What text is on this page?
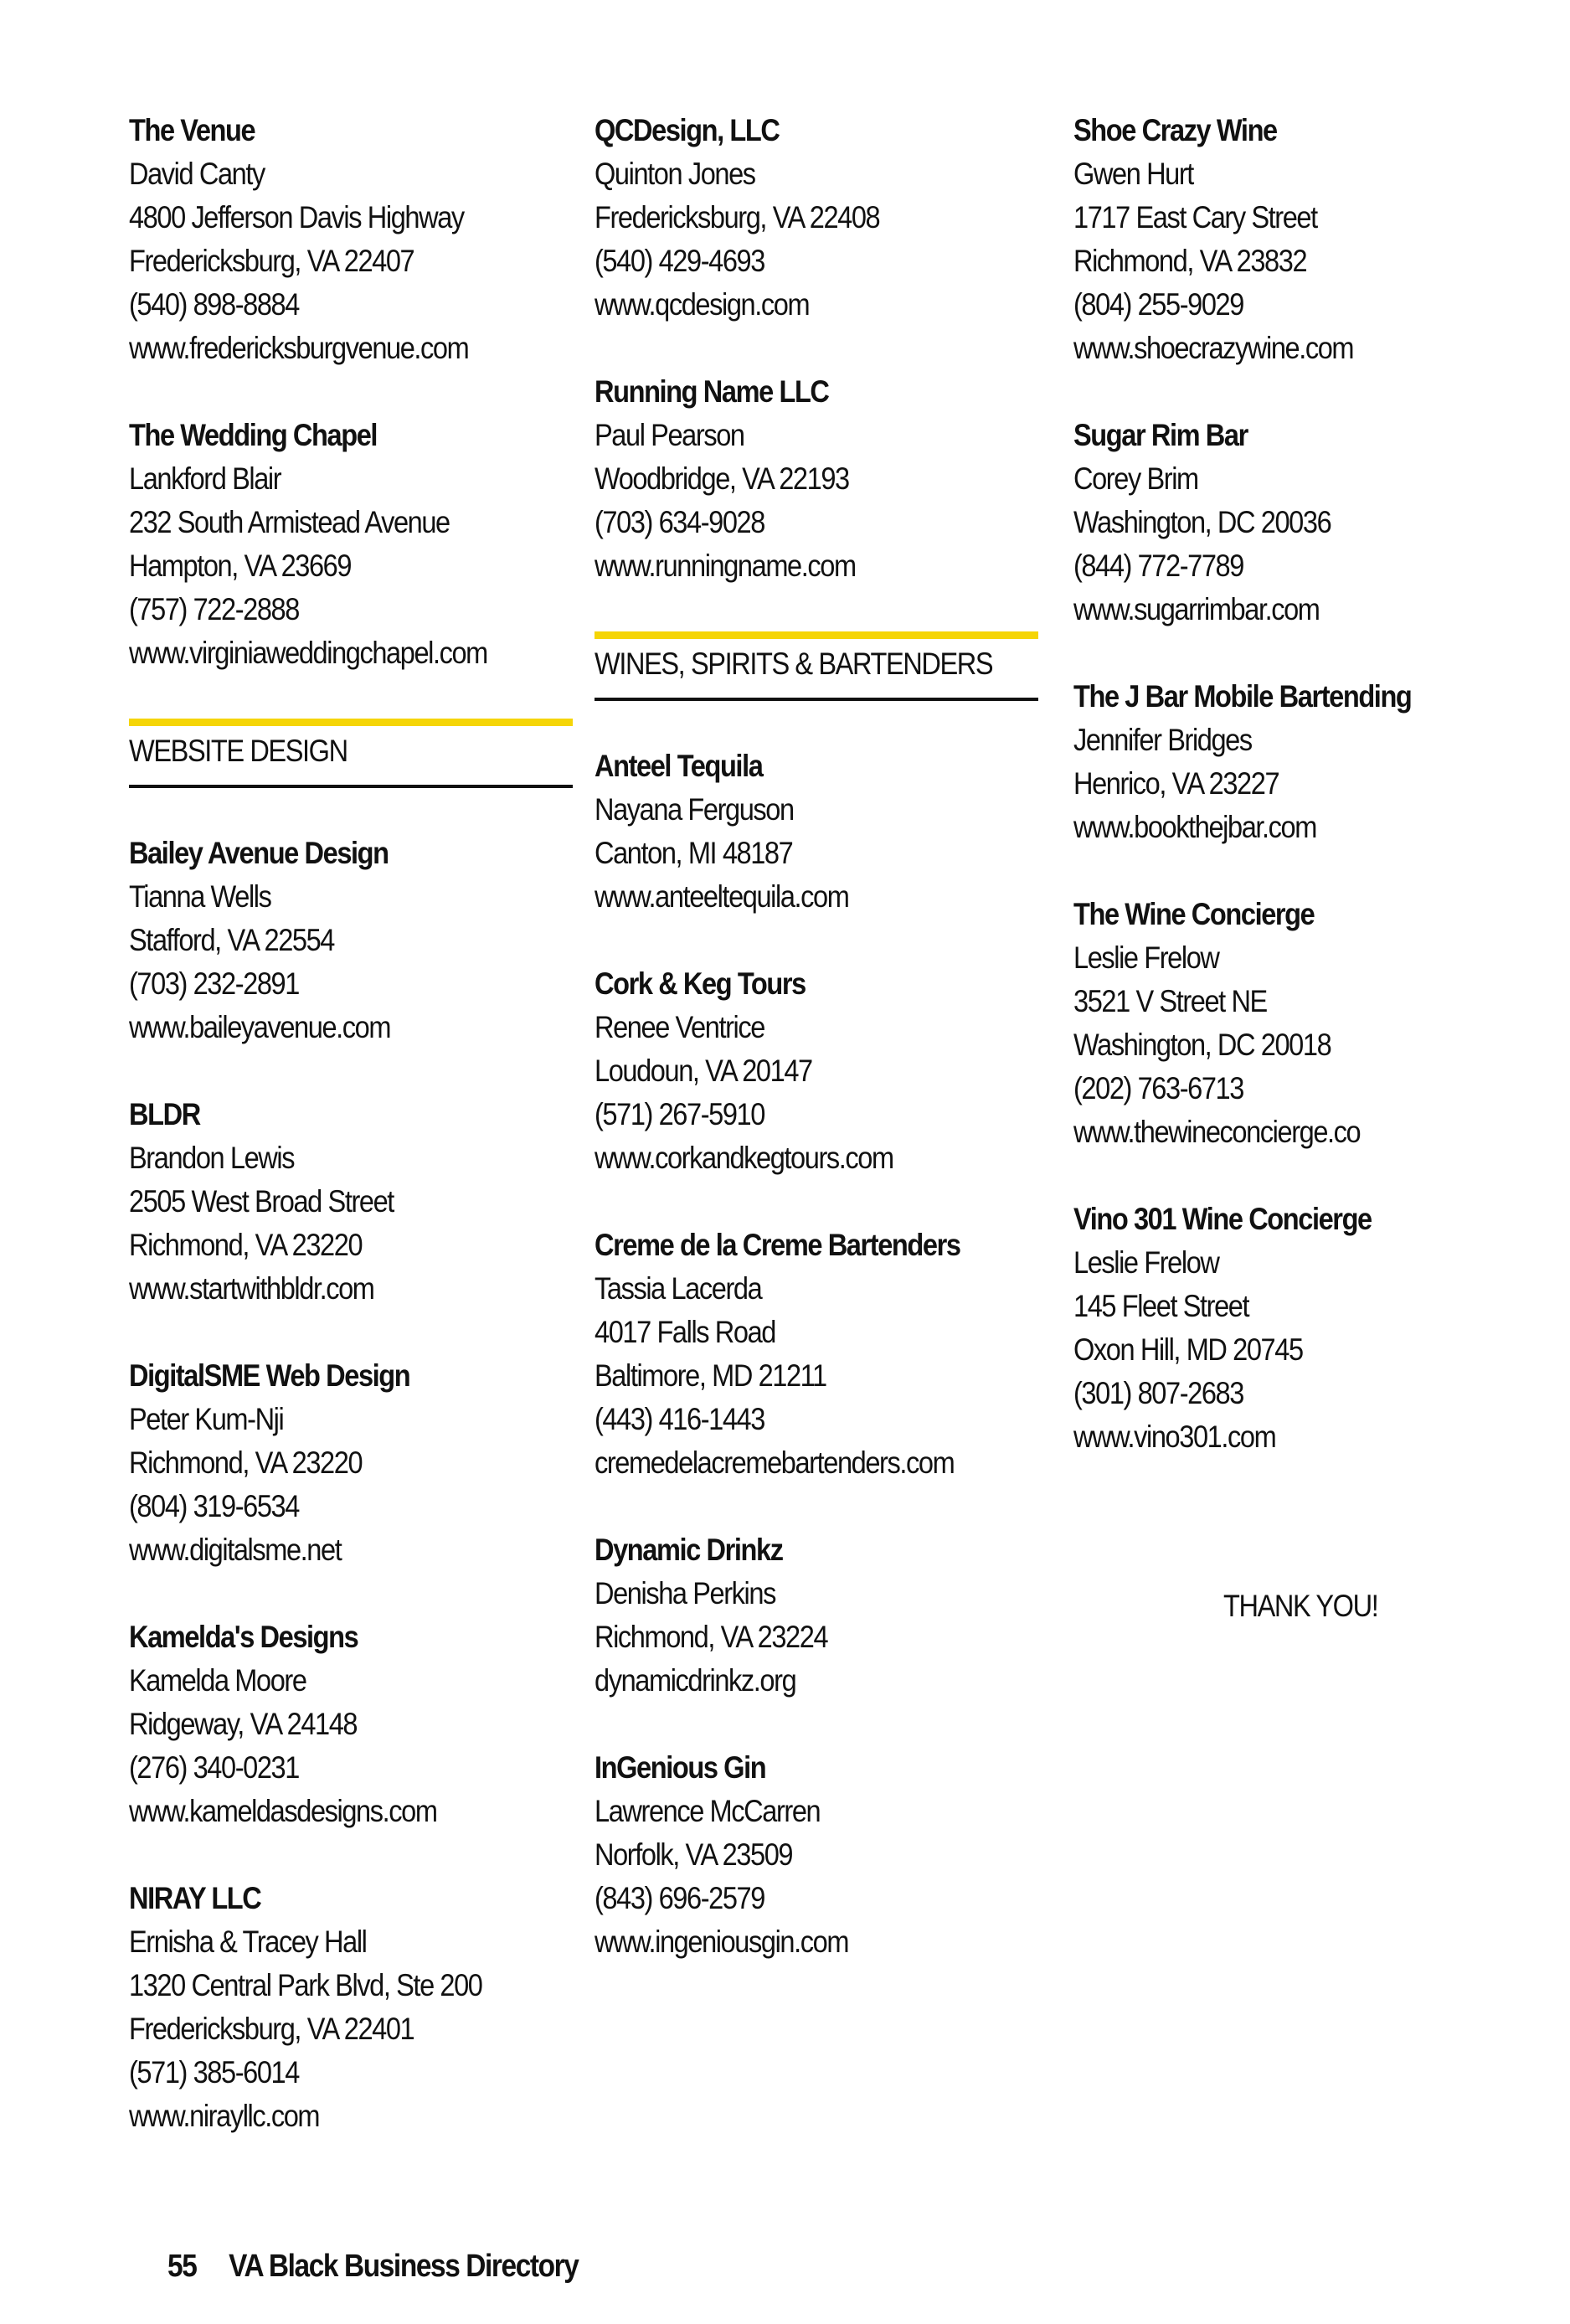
The Venue
David Canty
4800 Jefferson Davis Highway
Fredericksburg, VA 22407
(540) 898-8884
www.fredericksburgvenue.com
The Wedding Chapel
Lankford Blair
232 South Armistead Avenue
Hampton, VA 23669
(757) 722-2888
www.virginiaweddingchapel.com
WEBSITE DESIGN
Bailey Avenue Design
Tianna Wells
Stafford, VA 22554
(703) 232-2891
www.baileyavenue.com
BLDR
Brandon Lewis
2505 West Broad Street
Richmond, VA 23220
www.startwithbldr.com
DigitalSME Web Design
Peter Kum-Nji
Richmond, VA 23220
(804) 319-6534
www.digitalsme.net
Kamelda's Designs
Kamelda Moore
Ridgeway, VA 24148
(276) 340-0231
www.kameldasdesigns.com
NIRAY LLC
Ernisha & Tracey Hall
1320 Central Park Blvd, Ste 200
Fredericksburg, VA 22401
(571) 385-6014
www.nirayllc.com
QCDesign, LLC
Quinton Jones
Fredericksburg, VA 22408
(540) 429-4693
www.qcdesign.com
Running Name LLC
Paul Pearson
Woodbridge, VA 22193
(703) 634-9028
www.runningname.com
WINES, SPIRITS & BARTENDERS
Anteel Tequila
Nayana Ferguson
Canton, MI 48187
www.anteeltequila.com
Cork & Keg Tours
Renee Ventrice
Loudoun, VA 20147
(571) 267-5910
www.corkandkegtours.com
Creme de la Creme Bartenders
Tassia Lacerda
4017 Falls Road
Baltimore, MD 21211
(443) 416-1443
cremedelacremebartenders.com
Dynamic Drinkz
Denisha Perkins
Richmond, VA 23224
dynamicdrinkz.org
InGenious Gin
Lawrence McCarren
Norfolk, VA 23509
(843) 696-2579
www.ingeniousgin.com
Shoe Crazy Wine
Gwen Hurt
1717 East Cary Street
Richmond, VA 23832
(804) 255-9029
www.shoecrazywine.com
Sugar Rim Bar
Corey Brim
Washington, DC 20036
(844) 772-7789
www.sugarrimbar.com
The J Bar Mobile Bartending
Jennifer Bridges
Henrico, VA 23227
www.bookthejbar.com
The Wine Concierge
Leslie Frelow
3521 V Street NE
Washington, DC 20018
(202) 763-6713
www.thewineconcierge.co
Vino 301 Wine Concierge
Leslie Frelow
145 Fleet Street
Oxon Hill, MD 20745
(301) 807-2683
www.vino301.com
THANK YOU!
55 VA Black Business Directory
